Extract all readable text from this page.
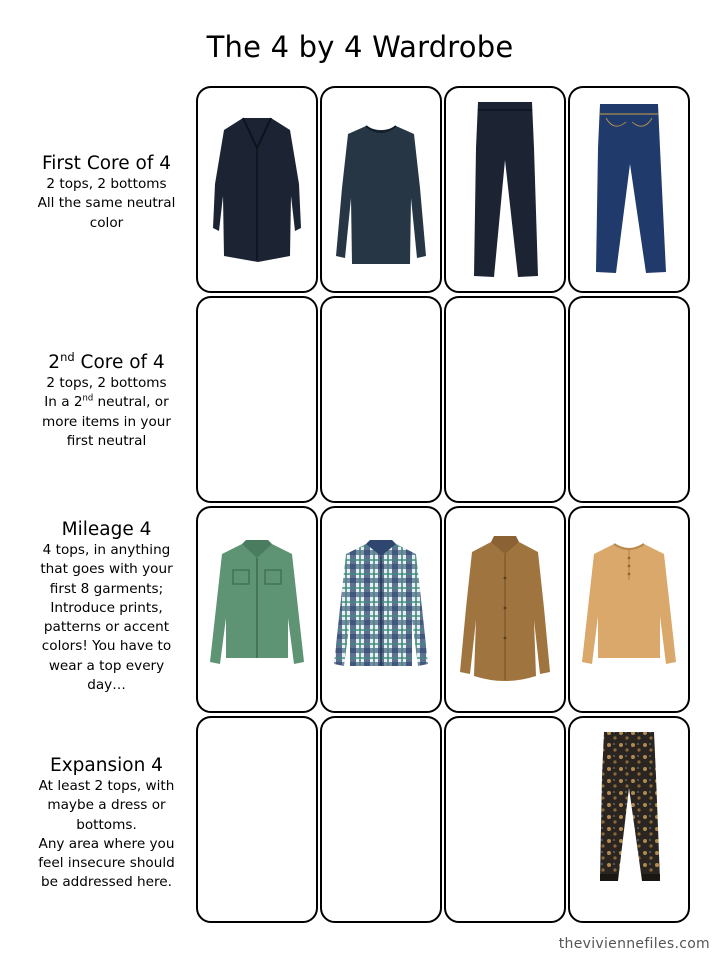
The 4 by 4 Wardrobe
First Core of 4
2 tops, 2 bottoms
All the same neutral
color
2nd Core of 4
2 tops, 2 bottoms
In a 2nd neutral, or
more items in your
first neutral
Mileage 4
4 tops, in anything
that goes with your
first 8 garments;
Introduce prints,
patterns or accent
colors! You have to
wear a top every
day…
Expansion 4
At least 2 tops, with
maybe a dress or
bottoms.
Any area where you
feel insecure should
be addressed here.
theviviennefiles.com
